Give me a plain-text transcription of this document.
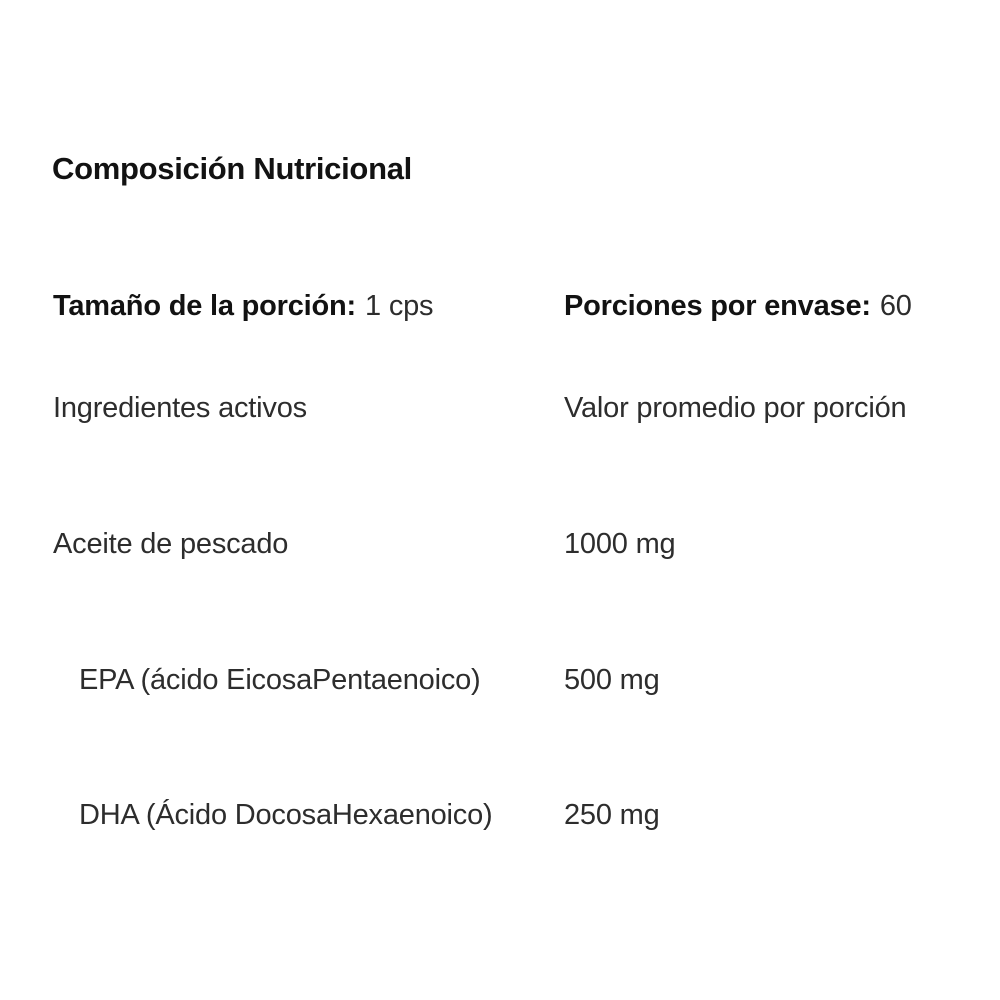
Composición Nutricional
Tamaño de la porción: 1 cps	Porciones por envase: 60
Ingredientes activos	Valor promedio por porción
Aceite de pescado	1000 mg
EPA (ácido EicosaPentaenoico)	500 mg
DHA (Ácido DocosaHexaenoico) 250 mg
